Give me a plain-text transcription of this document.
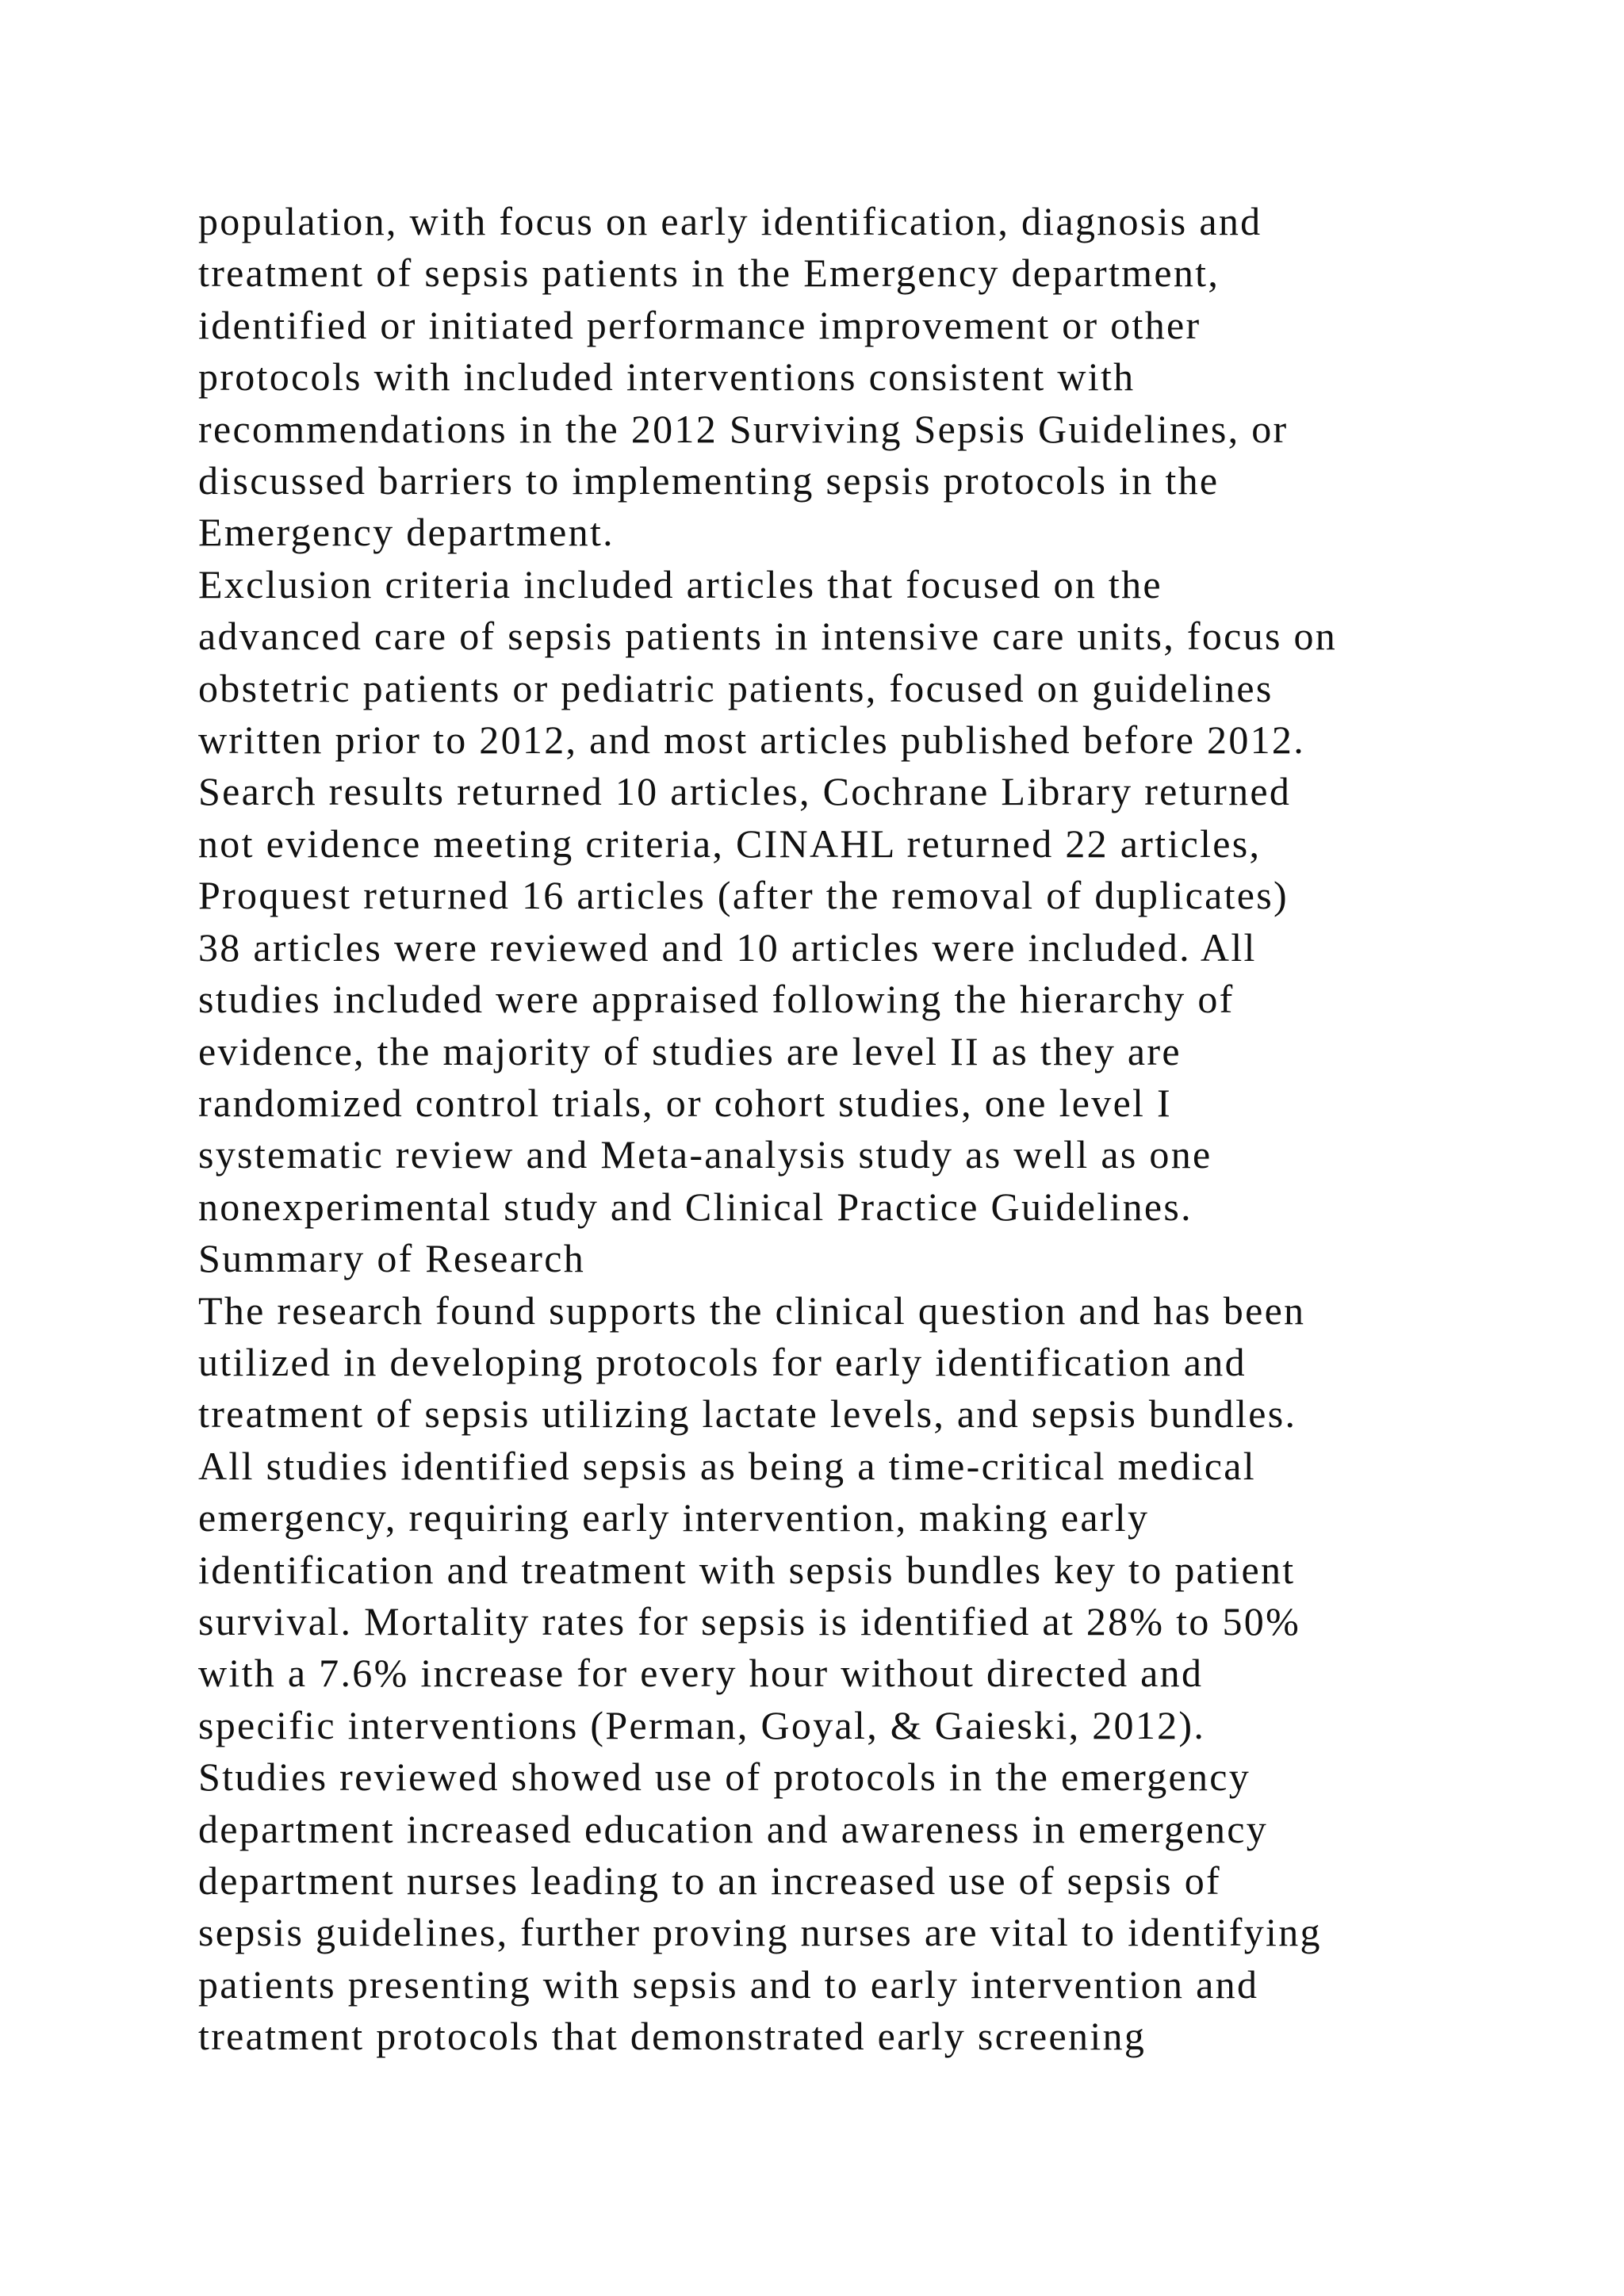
population, with focus on early identification, diagnosis and

treatment of sepsis patients in the Emergency department,

identified or initiated performance improvement or other

protocols with included interventions consistent with

recommendations in the 2012 Surviving Sepsis Guidelines, or

discussed barriers to implementing sepsis protocols in the

Emergency department.

Exclusion criteria included articles that focused on the

advanced care of sepsis patients in intensive care units, focus on

obstetric patients or pediatric patients, focused on guidelines

written prior to 2012, and most articles published before 2012.

Search results returned 10 articles, Cochrane Library returned

not evidence meeting criteria, CINAHL returned 22 articles,

Proquest returned 16 articles (after the removal of duplicates)

38 articles were reviewed and 10 articles were included. All

studies included were appraised following the hierarchy of

evidence, the majority of studies are level II as they are

randomized control trials, or cohort studies, one level I

systematic review and Meta-analysis study as well as one

nonexperimental study and Clinical Practice Guidelines.

Summary of Research

The research found supports the clinical question and has been

utilized in developing protocols for early identification and

treatment of sepsis utilizing lactate levels, and sepsis bundles.

All studies identified sepsis as being a time-critical medical

emergency, requiring early intervention, making early

identification and treatment with sepsis bundles key to patient

survival. Mortality rates for sepsis is identified at 28% to 50%

with a 7.6% increase for every hour without directed and

specific interventions (Perman, Goyal, & Gaieski, 2012).

Studies reviewed showed use of protocols in the emergency

department increased education and awareness in emergency

department nurses leading to an increased use of sepsis of

sepsis guidelines, further proving nurses are vital to identifying

patients presenting with sepsis and to early intervention and

treatment protocols that demonstrated early screening
